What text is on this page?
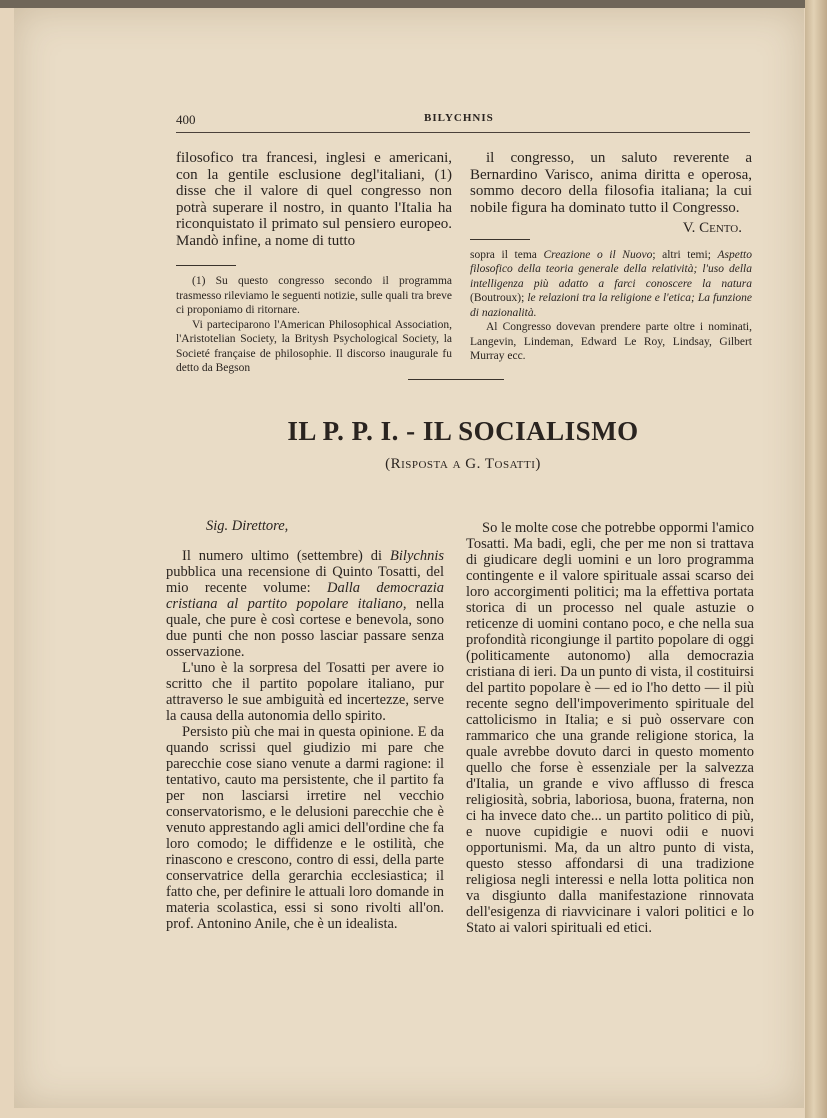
400	BILYCHNIS

filosofico tra francesi, inglesi e americani, con la gentile esclusione degl'italiani, (1) disse che il valore di quel congresso non potrà superare il nostro, in quanto l'Italia ha riconquistato il primato sul pensiero europeo. Mandò infine, a nome di tutto

(1) Su questo congresso secondo il programma trasmesso rileviamo le seguenti notizie, sulle quali tra breve ci proponiamo di ritornare.

Vi parteciparono l'American Philosophical Association, l'Aristotelian Society, la Britysh Psychological Society, la Societé française de philosophie. Il discorso inaugurale fu detto da Begson

il congresso, un saluto reverente a Bernardino Varisco, anima diritta e operosa, sommo decoro della filosofia italiana; la cui nobile figura ha dominato tutto il Congresso.

V. Cento.

sopra il tema Creazione o il Nuovo; altri temi; Aspetto filosofico della teoria generale della relatività; l'uso della intelligenza più adatto a farci conoscere la natura (Boutroux); le relazioni tra la religione e l'etica; La funzione di nazionalità.

Al Congresso dovevan prendere parte oltre i nominati, Langevin, Lindeman, Edward Le Roy, Lindsay, Gilbert Murray ecc.

IL P. P. I. - IL SOCIALISMO
(Risposta a G. Tosatti)

Sig. Direttore,

Il numero ultimo (settembre) di Bilychnis pubblica una recensione di Quinto Tosatti, del mio recente volume: Dalla democrazia cristiana al partito popolare italiano, nella quale, che pure è così cortese e benevola, sono due punti che non posso lasciar passare senza osservazione.

L'uno è la sorpresa del Tosatti per avere io scritto che il partito popolare italiano, pur attraverso le sue ambiguità ed incertezze, serve la causa della autonomia dello spirito.

Persisto più che mai in questa opinione. E da quando scrissi quel giudizio mi pare che parecchie cose siano venute a darmi ragione: il tentativo, cauto ma persistente, che il partito fa per non lasciarsi irretire nel vecchio conservatorismo, e le delusioni parecchie che è venuto apprestando agli amici dell'ordine che fa loro comodo; le diffidenze e le ostilità, che rinascono e crescono, contro di essi, della parte conservatrice della gerarchia ecclesiastica; il fatto che, per definire le attuali loro domande in materia scolastica, essi si sono rivolti all'on. prof. Antonino Anile, che è un idealista.

So le molte cose che potrebbe oppormi l'amico Tosatti. Ma badi, egli, che per me non si trattava di giudicare degli uomini e un loro programma contingente e il valore spirituale assai scarso dei loro accorgimenti politici; ma la effettiva portata storica di un processo nel quale astuzie o reticenze di uomini contano poco, e che nella sua profondità ricongiunge il partito popolare di oggi (politicamente autonomo) alla democrazia cristiana di ieri. Da un punto di vista, il costituirsi del partito popolare è — ed io l'ho detto — il più recente segno dell'impoverimento spirituale del cattolicismo in Italia; e si può osservare con rammarico che una grande religione storica, la quale avrebbe dovuto darci in questo momento quello che forse è essenziale per la salvezza d'Italia, un grande e vivo afflusso di fresca religiosità, sobria, laboriosa, buona, fraterna, non ci ha invece dato che... un partito politico di più, e nuove cupidigie e nuovi odii e nuovi opportunismi. Ma, da un altro punto di vista, questo stesso affondarsi di una tradizione religiosa negli interessi e nella lotta politica non va disgiunto dalla manifestazione rinnovata dell'esigenza di riavvicinare i valori politici e lo Stato ai valori spirituali ed etici.
